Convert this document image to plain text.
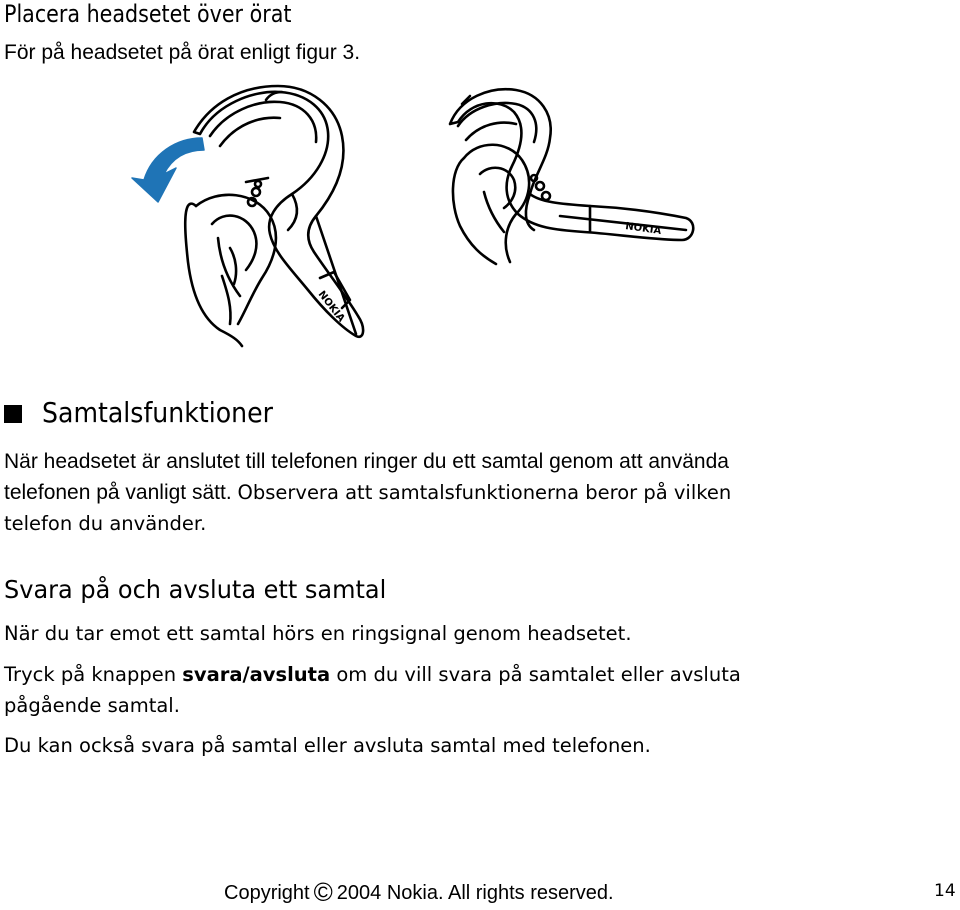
Placera headsetet över örat
För på headsetet på örat enligt figur 3.
NOKIA
NOKIA
Samtalsfunktioner
När headsetet är anslutet till telefonen ringer du ett samtal genom att använda
telefonen på vanligt sätt. Observera att samtalsfunktionerna beror på vilken
telefon du använder.
Svara på och avsluta ett samtal
När du tar emot ett samtal hörs en ringsignal genom headsetet.
Tryck på knappen svara/avsluta om du vill svara på samtalet eller avsluta
pågående samtal.
Du kan också svara på samtal eller avsluta samtal med telefonen.
Copyright © 2004 Nokia. All rights reserved.	14
